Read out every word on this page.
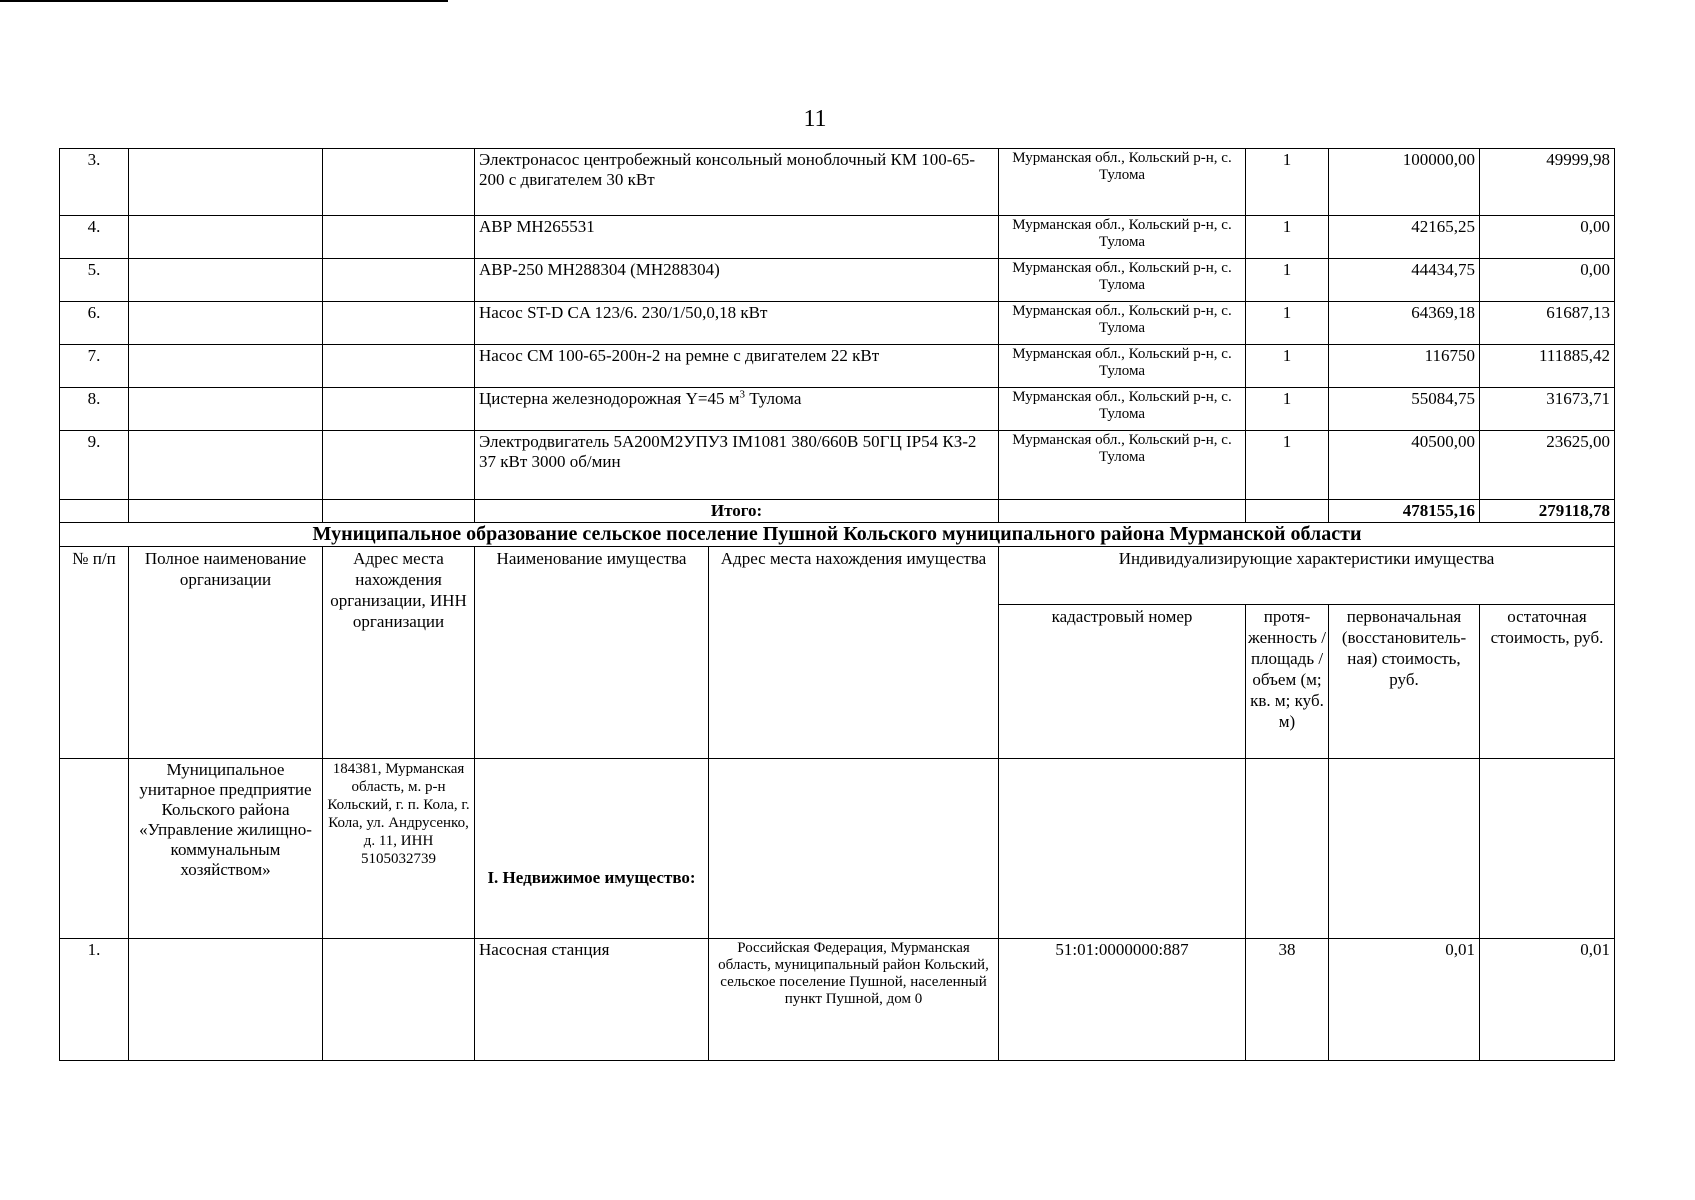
11
3.			Электронасос центробежный консольный моноблочный КМ 100-65-200 с двигателем 30 кВт		Мурманская обл., Кольский р-н, с. Тулома	1	100000,00	49999,98
4.			АВР МН265531		Мурманская обл., Кольский р-н, с. Тулома	1	42165,25	0,00
5.			АВР-250 МН288304 (МН288304)		Мурманская обл., Кольский р-н, с. Тулома	1	44434,75	0,00
6.			Насос ST-D CA 123/6. 230/1/50,0,18 кВт		Мурманская обл., Кольский р-н, с. Тулома	1	64369,18	61687,13
7.			Насос СМ 100-65-200н-2 на ремне с двигателем 22 кВт		Мурманская обл., Кольский р-н, с. Тулома	1	116750	111885,42
8.			Цистерна железнодорожная Y=45 $м^3$ Тулома		Мурманская обл., Кольский р-н, с. Тулома	1	55084,75	31673,71
9.			Электродвигатель 5А200М2УПУЗ IM1081 380/660В 50ГЦ IP54 КЗ-2 37 кВт 3000 об/мин		Мурманская обл., Кольский р-н, с. Тулома	1	40500,00	23625,00
			Итого:				478155,16	279118,78
Муниципальное образование сельское поселение Пушной Кольского муниципального района Мурманской области								
№ п/п	Полное наименование организации	Адрес места нахождения организации, ИНН организации	Наименование имущества	Адрес места нахождения имущества	Индивидуализирующие характеристики имущества			
					кадастровый номер	протя- женность /площадь /объем (м; кв. м; куб. м)	первоначальная (восстановитель- ная) стоимость, руб.	остаточная стоимость, руб.
	Муниципальное унитарное предприятие Кольского района «Управление жилищно- коммунальным хозяйством»	184381, Мурманская область, м. р-н Кольский, г. п. Кола, г. Кола, ул. Андрусенко, д. 11, ИНН 5105032739	I. Недвижимое имущество:					
1.			Насосная станция	Российская Федерация, Мурманская область, муниципальный район Кольский, сельское поселение Пушной, населенный пункт Пушной, дом 0	51:01:0000000:887	38	0,01	0,01
